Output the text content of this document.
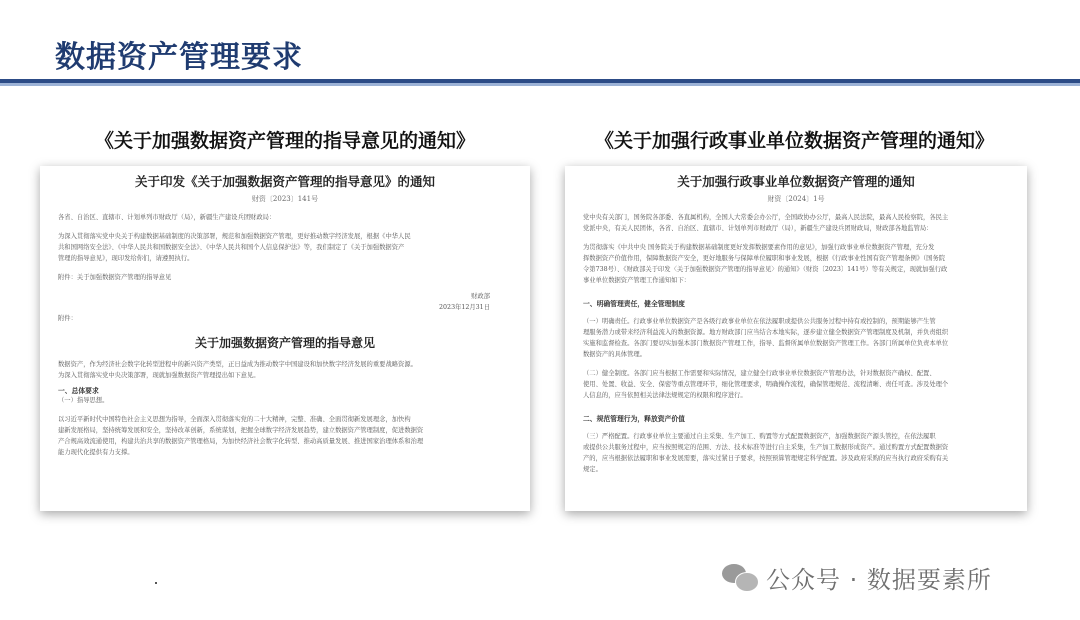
数据资产管理要求
《关于加强数据资产管理的指导意见的通知》	《关于加强行政事业单位数据资产管理的通知》
关于印发《关于加强数据资产管理的指导意见》的通知
财资〔2023〕141号
各省、自治区、直辖市、计划单列市财政厅（局），新疆生产建设兵团财政局：
为深入贯彻落实党中央关于构建数据基础制度的决策部署，规范和加强数据资产管理，更好推动数字经济发展，根据《中华人民
共和国网络安全法》、《中华人民共和国数据安全法》、《中华人民共和国个人信息保护法》等，我们制定了《关于加强数据资产
管理的指导意见》，现印发给你们，请遵照执行。
附件：关于加强数据资产管理的指导意见
财政部
2023年12月31日
附件：
关于加强数据资产管理的指导意见
数据资产，作为经济社会数字化转型进程中的新兴资产类型，正日益成为推动数字中国建设和加快数字经济发展的重要战略资源。
为深入贯彻落实党中央决策部署，现就加强数据资产管理提出如下意见。
一、总体要求
（一）指导思想。
以习近平新时代中国特色社会主义思想为指导，全面深入贯彻落实党的二十大精神，完整、准确、全面贯彻新发展理念，加快构
建新发展格局，坚持统筹发展和安全，坚持改革创新，系统谋划，把握全球数字经济发展趋势，建立数据资产管理制度，促进数据资
产合规高效流通使用，构建共治共享的数据资产管理格局，为加快经济社会数字化转型、推动高质量发展、推进国家治理体系和治理
能力现代化提供有力支撑。
关于加强行政事业单位数据资产管理的通知
财资〔2024〕1号
党中央有关部门，国务院各部委、各直属机构，全国人大常委会办公厅，全国政协办公厅，最高人民法院，最高人民检察院，各民主
党派中央，有关人民团体，各省、自治区、直辖市、计划单列市财政厅（局），新疆生产建设兵团财政局，财政部各地监管局：
为贯彻落实《中共中央 国务院关于构建数据基础制度更好发挥数据要素作用的意见》，加强行政事业单位数据资产管理，充分发
挥数据资产价值作用，保障数据资产安全，更好地服务与保障单位履职和事业发展，根据《行政事业性国有资产管理条例》（国务院
令第738号）、《财政部关于印发〈关于加强数据资产管理的指导意见〉的通知》（财资〔2023〕141号）等有关规定，现就加强行政
事业单位数据资产管理工作通知如下：
一、明确管理责任，健全管理制度
（一）明确责任。行政事业单位数据资产是各级行政事业单位在依法履职或提供公共服务过程中持有或控制的，预期能够产生管
理服务潜力或带来经济利益流入的数据资源。地方财政部门应当结合本地实际，逐步建立健全数据资产管理制度及机制，并负责组织
实施和监督检查。各部门要切实加强本部门数据资产管理工作，指导、监督所属单位数据资产管理工作。各部门所属单位负责本单位
数据资产的具体管理。
（二）健全制度。各部门应当根据工作需要和实际情况，建立健全行政事业单位数据资产管理办法，针对数据资产确权、配置、
使用、处置、收益、安全、保密等重点管理环节，细化管理要求，明确操作流程，确保管理规范、流程清晰、责任可查。涉及处理个
人信息的，应当依照相关法律法规规定的权限和程序进行。
二、规范管理行为，释放资产价值
（三）严格配置。行政事业单位主要通过自主采集、生产加工、购置等方式配置数据资产，加强数据资产源头管控，在依法履职
或提供公共服务过程中，应当按照规定的范围、方法、技术标准等进行自主采集，生产加工数据形成资产。通过购置方式配置数据资
产的，应当根据依法履职和事业发展需要，落实过紧日子要求，按照预算管理规定科学配置。涉及政府采购的应当执行政府采购有关
规定。
公众号 · 数据要素所
